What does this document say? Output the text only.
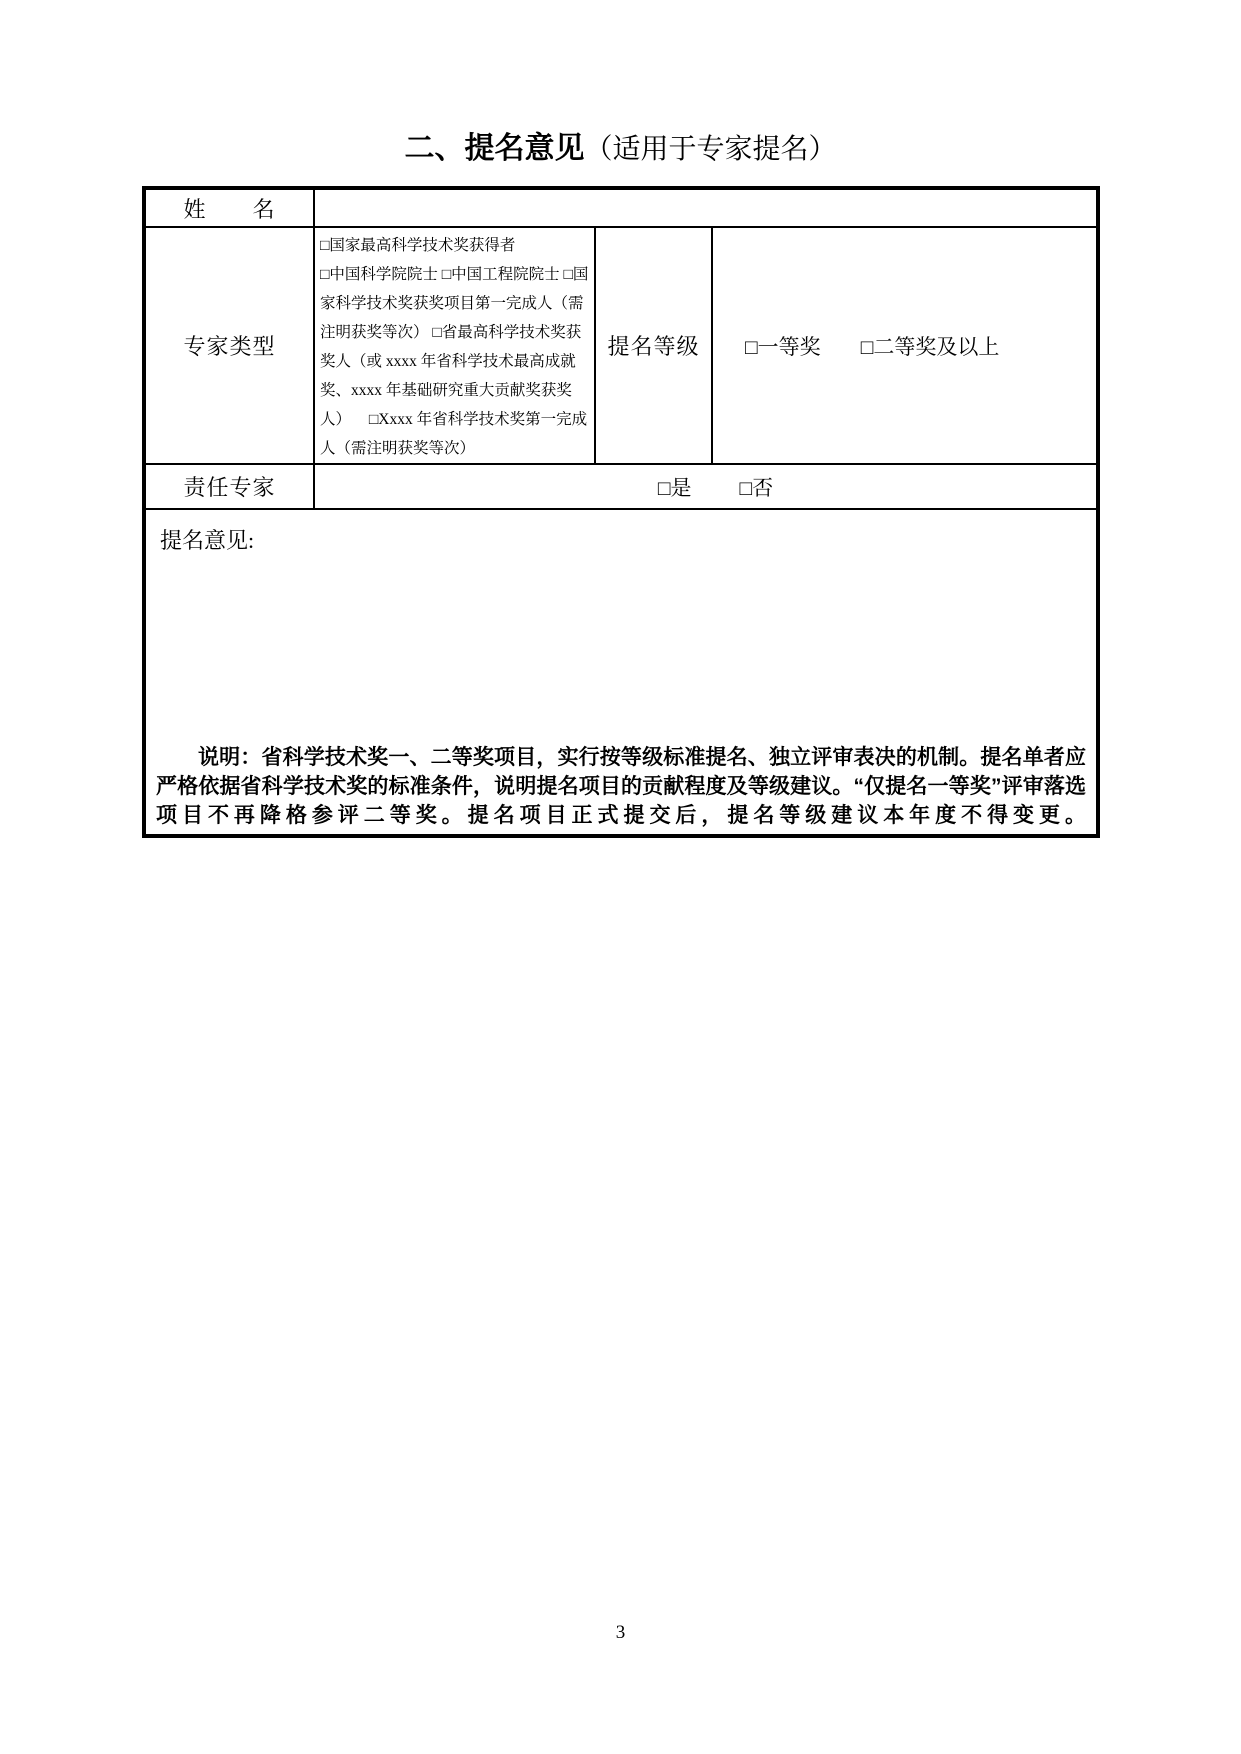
二、提名意见（适用于专家提名）
姓　　名
专家类型
□国家最高科学技术奖获得者 □中国科学院院士 □中国工程院院士 □国家科学技术奖获奖项目第一完成人（需注明获奖等次） □省最高科学技术奖获奖人（或 xxxx 年省科学技术最高成就奖、xxxx 年基础研究重大贡献奖获奖人） □Xxxx 年省科学技术奖第一完成人（需注明获奖等次）
提名等级	□一等奖 □二等奖及以上
责任专家	□是 □否
提名意见:

说明：省科学技术奖一、二等奖项目，实行按等级标准提名、独立评审表决的机制。提名单者应严格依据省科学技术奖的标准条件，说明提名项目的贡献程度及等级建议。“仅提名一等奖”评审落选项目不再降格参评二等奖。提名项目正式提交后，提名等级建议本年度不得变更。

3
